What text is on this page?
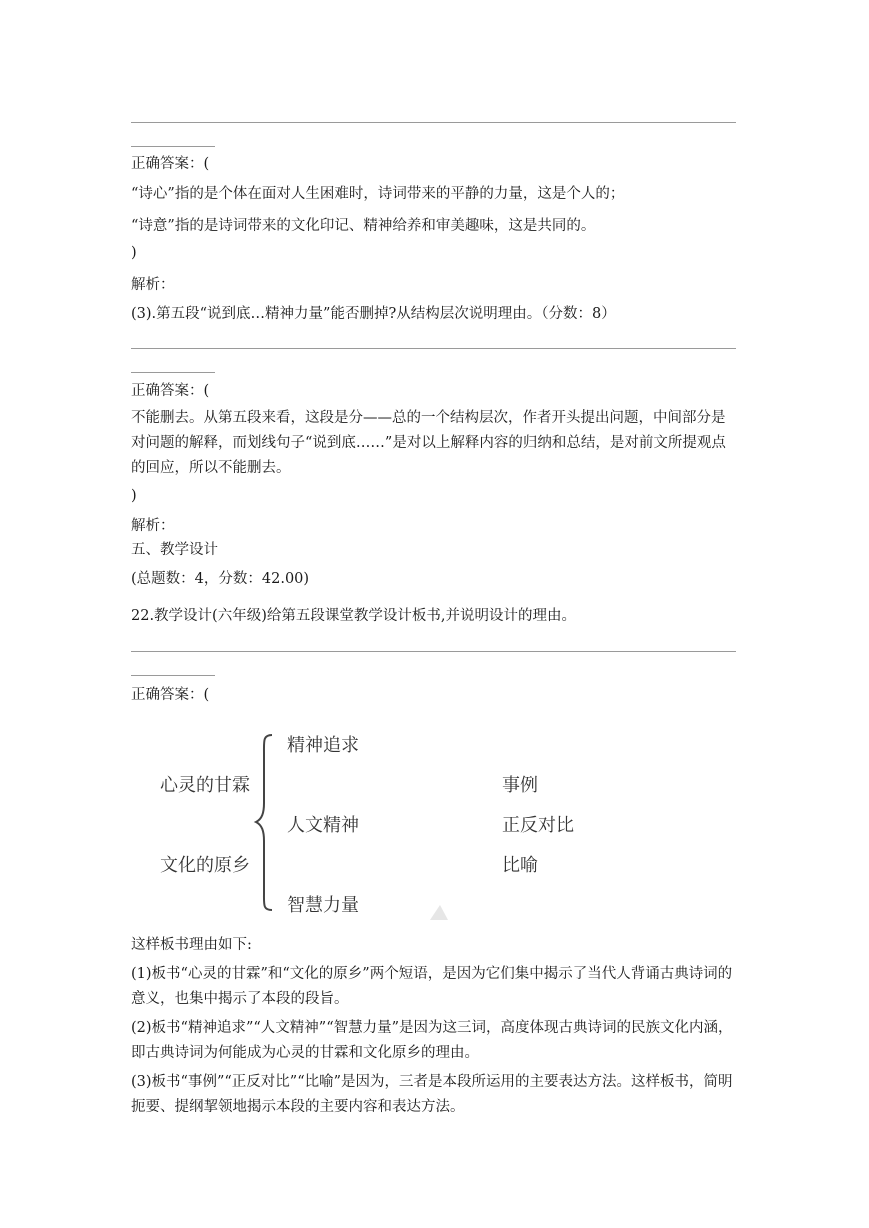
正确答案：(
“诗心”指的是个体在面对人生困难时，诗词带来的平静的力量，这是个人的；
“诗意”指的是诗词带来的文化印记、精神给养和审美趣味，这是共同的。
)
解析：
(3).第五段“说到底…精神力量”能否删掉?从结构层次说明理由。（分数：8）
正确答案：(
不能删去。从第五段来看，这段是分——总的一个结构层次，作者开头提出问题，中间部分是对问题的解释，而划线句子“说到底……”是对以上解释内容的归纳和总结，是对前文所提观点的回应，所以不能删去。
)
解析：
五、教学设计
(总题数：4，分数：42.00)
22.教学设计(六年级)给第五段课堂教学设计板书,并说明设计的理由。
正确答案：(
心灵的甘霖
文化的原乡
精神追求
人文精神
智慧力量
事例
正反对比
比喻
这样板书理由如下:
(1)板书“心灵的甘霖”和“文化的原乡”两个短语，是因为它们集中揭示了当代人背诵古典诗词的意义，也集中揭示了本段的段旨。
(2)板书“精神追求”“人文精神”“智慧力量”是因为这三词，高度体现古典诗词的民族文化内涵，即古典诗词为何能成为心灵的甘霖和文化原乡的理由。
(3)板书“事例”“正反对比”“比喻”是因为，三者是本段所运用的主要表达方法。这样板书，简明扼要、提纲挈领地揭示本段的主要内容和表达方法。
